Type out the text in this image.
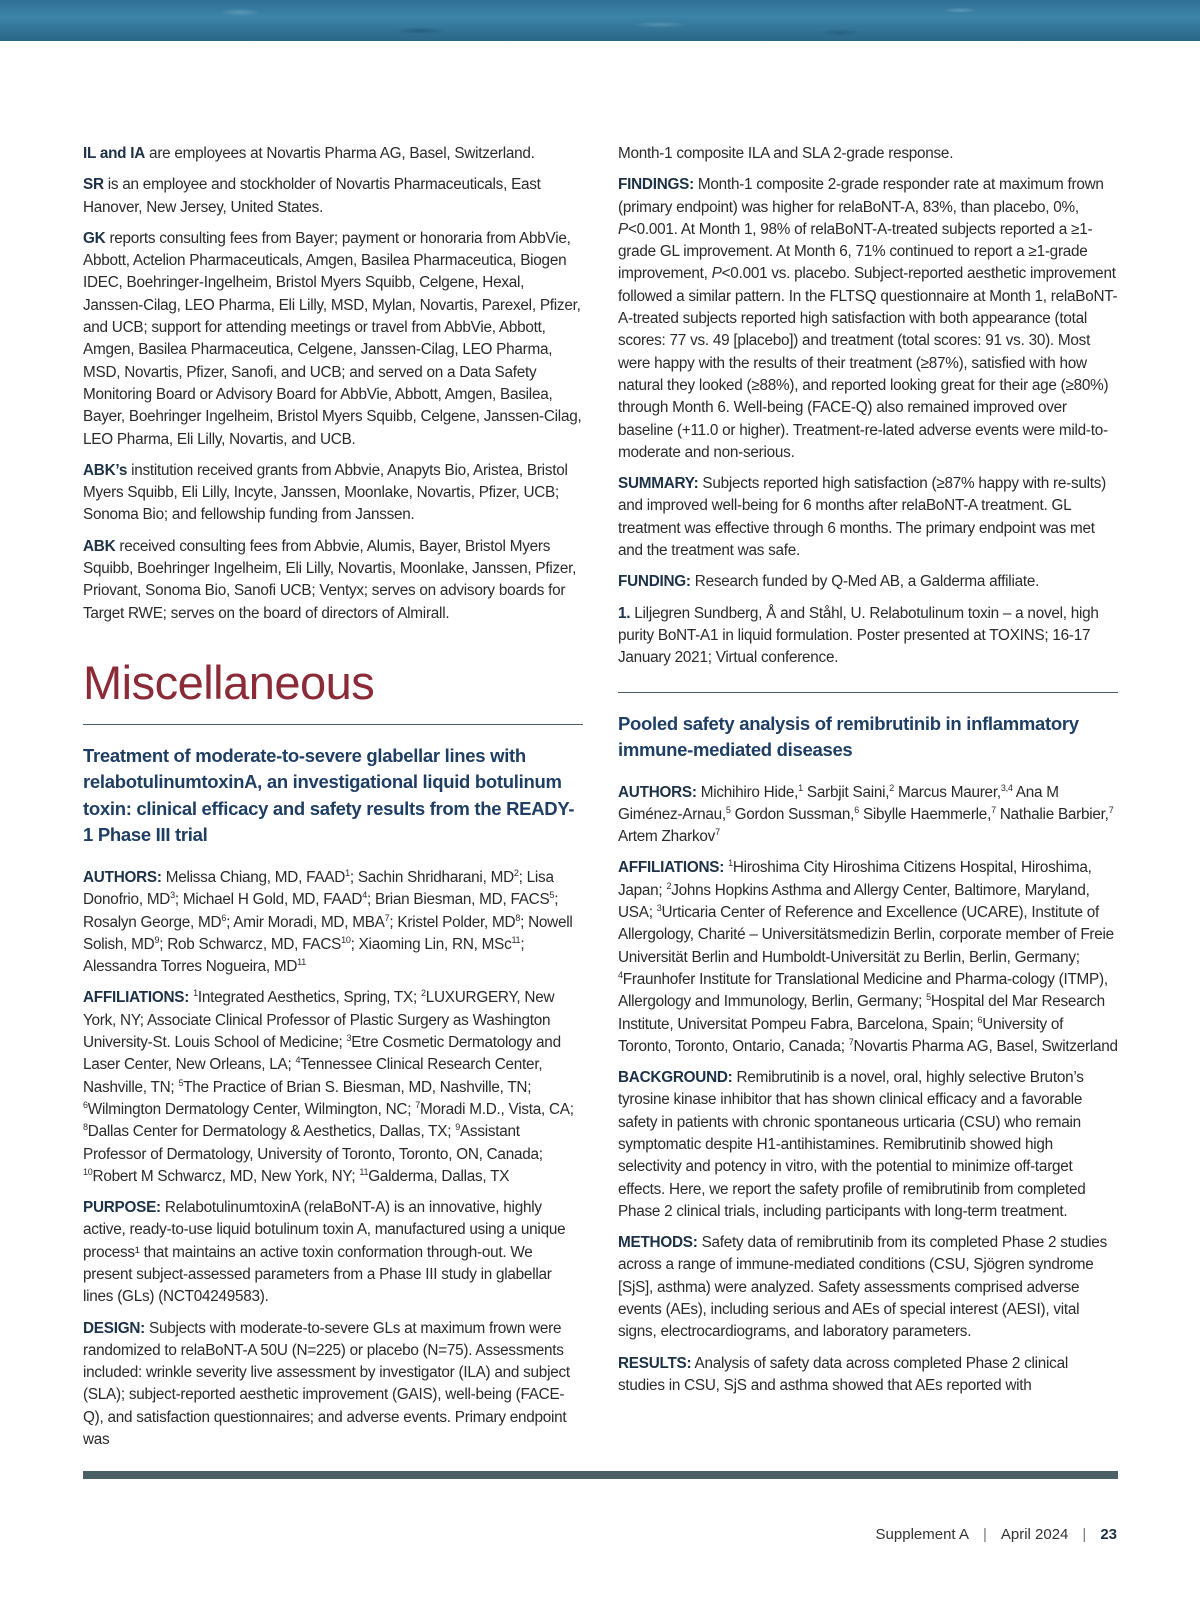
IL and IA are employees at Novartis Pharma AG, Basel, Switzerland.

SR is an employee and stockholder of Novartis Pharmaceuticals, East Hanover, New Jersey, United States.

GK reports consulting fees from Bayer; payment or honoraria from AbbVie, Abbott, Actelion Pharmaceuticals, Amgen, Basilea Pharmaceutica, Biogen IDEC, Boehringer-Ingelheim, Bristol Myers Squibb, Celgene, Hexal, Janssen-Cilag, LEO Pharma, Eli Lilly, MSD, Mylan, Novartis, Parexel, Pfizer, and UCB; support for attending meetings or travel from AbbVie, Abbott, Amgen, Basilea Pharmaceutica, Celgene, Janssen-Cilag, LEO Pharma, MSD, Novartis, Pfizer, Sanofi, and UCB; and served on a Data Safety Monitoring Board or Advisory Board for AbbVie, Abbott, Amgen, Basilea, Bayer, Boehringer Ingelheim, Bristol Myers Squibb, Celgene, Janssen-Cilag, LEO Pharma, Eli Lilly, Novartis, and UCB.

ABK’s institution received grants from Abbvie, Anapyts Bio, Aristea, Bristol Myers Squibb, Eli Lilly, Incyte, Janssen, Moonlake, Novartis, Pfizer, UCB; Sonoma Bio; and fellowship funding from Janssen.

ABK received consulting fees from Abbvie, Alumis, Bayer, Bristol Myers Squibb, Boehringer Ingelheim, Eli Lilly, Novartis, Moonlake, Janssen, Pfizer, Priovant, Sonoma Bio, Sanofi UCB; Ventyx; serves on advisory boards for Target RWE; serves on the board of directors of Almirall.

Miscellaneous
Treatment of moderate-to-severe glabellar lines with relabotulinumtoxinA, an investigational liquid botulinum toxin: clinical efficacy and safety results from the READY-1 Phase III trial

AUTHORS: Melissa Chiang, MD, FAAD$^1$; Sachin Shridharani, $MD^2$; Lisa Donofrio, $MD^3$; Michael H Gold, MD, FAAD$^4$; Brian Biesman, MD, FACS$^5$; Rosalyn George, $MD^6$; Amir Moradi, MD, MBA$^7$; Kristel Polder, $MD^8$; Nowell Solish, $MD^9$; Rob Schwarcz, MD, FACS$^{10}$; Xiaoming Lin, RN, MSc$^{11}$; Alessandra Torres Nogueira, MD$^{11}$

AFFILIATIONS: $^1$Integrated Aesthetics, Spring, TX; $^2$LUXURGERY, New York, NY; Associate Clinical Professor of Plastic Surgery as Washington University-St. Louis School of Medicine; $^3$Etre Cosmetic Dermatology and Laser Center, New Orleans, LA; $^4$Tennessee Clinical Research Center, Nashville, TN; $^5$The Practice of Brian S. Biesman, MD, Nashville, TN; $^6$Wilmington Dermatology Center, Wilmington, NC; $^7$Moradi M.D., Vista, CA; $^8$Dallas Center for Dermatology & Aesthetics, Dallas, TX; $^9$Assistant Professor of Dermatology, University of Toronto, Toronto, ON, Canada; $^{10}$Robert M Schwarcz, MD, New York, NY; $^{11}$Galderma, Dallas, TX

PURPOSE: RelabotulinumtoxinA (relaBoNT-A) is an innovative, highly active, ready-to-use liquid botulinum toxin A, manufactured using a unique process¹ that maintains an active toxin conformation through-out. We present subject-assessed parameters from a Phase III study in glabellar lines (GLs) (NCT04249583).

DESIGN: Subjects with moderate-to-severe GLs at maximum frown were randomized to relaBoNT-A 50U (N=225) or placebo (N=75). Assessments included: wrinkle severity live assessment by investigator (ILA) and subject (SLA); subject-reported aesthetic improvement (GAIS), well-being (FACE-Q), and satisfaction questionnaires; and adverse events. Primary endpoint was

Month-1 composite ILA and SLA 2-grade response.

FINDINGS: Month-1 composite 2-grade responder rate at maximum frown (primary endpoint) was higher for relaBoNT-A, 83%, than placebo, 0%, P<0.001. At Month 1, 98% of relaBoNT-A-treated subjects reported a ≥1-grade GL improvement. At Month 6, 71% continued to report a ≥1-grade improvement, P<0.001 vs. placebo. Subject-reported aesthetic improvement followed a similar pattern. In the FLTSQ questionnaire at Month 1, relaBoNT-A-treated subjects reported high satisfaction with both appearance (total scores: 77 vs. 49 [placebo]) and treatment (total scores: 91 vs. 30). Most were happy with the results of their treatment (≥87%), satisfied with how natural they looked (≥88%), and reported looking great for their age (≥80%) through Month 6. Well-being (FACE-Q) also remained improved over baseline (+11.0 or higher). Treatment-re-lated adverse events were mild-to-moderate and non-serious.

SUMMARY: Subjects reported high satisfaction (≥87% happy with re-sults) and improved well-being for 6 months after relaBoNT-A treatment. GL treatment was effective through 6 months. The primary endpoint was met and the treatment was safe.

FUNDING: Research funded by Q-Med AB, a Galderma affiliate.

1. Liljegren Sundberg, Å and Ståhl, U. Relabotulinum toxin – a novel, high purity BoNT-A1 in liquid formulation. Poster presented at TOXINS; 16-17 January 2021; Virtual conference.

Pooled safety analysis of remibrutinib in inflammatory immune-mediated diseases

AUTHORS: Michihiro Hide,$^1$ Sarbjit Saini,$^2$ Marcus Maurer,$^{3,4}$ Ana M Giménez-Arnau,$^5$ Gordon Sussman,$^6$ Sibylle Haemmerle,$^7$ Nathalie Barbier,$^7$ Artem Zharkov$^7$

AFFILIATIONS: $^1$Hiroshima City Hiroshima Citizens Hospital, Hiroshima, Japan; $^2$Johns Hopkins Asthma and Allergy Center, Baltimore, Maryland, USA; $^3$Urticaria Center of Reference and Excellence (UCARE), Institute of Allergology, Charité – Universitätsmedizin Berlin, corporate member of Freie Universität Berlin and Humboldt-Universität zu Berlin, Berlin, Germany; $^4$Fraunhofer Institute for Translational Medicine and Pharma-cology (ITMP), Allergology and Immunology, Berlin, Germany; $^5$Hospital del Mar Research Institute, Universitat Pompeu Fabra, Barcelona, Spain; $^6$University of Toronto, Toronto, Ontario, Canada; $^7$Novartis Pharma AG, Basel, Switzerland

BACKGROUND: Remibrutinib is a novel, oral, highly selective Bruton’s tyrosine kinase inhibitor that has shown clinical efficacy and a favorable safety in patients with chronic spontaneous urticaria (CSU) who remain symptomatic despite H1-antihistamines. Remibrutinib showed high selectivity and potency in vitro, with the potential to minimize off-target effects. Here, we report the safety profile of remibrutinib from completed Phase 2 clinical trials, including participants with long-term treatment.

METHODS: Safety data of remibrutinib from its completed Phase 2 studies across a range of immune-mediated conditions (CSU, Sjögren syndrome [SjS], asthma) were analyzed. Safety assessments comprised adverse events (AEs), including serious and AEs of special interest (AESI), vital signs, electrocardiograms, and laboratory parameters.

RESULTS: Analysis of safety data across completed Phase 2 clinical studies in CSU, SjS and asthma showed that AEs reported with

Supplement A | April 2024 | 23
